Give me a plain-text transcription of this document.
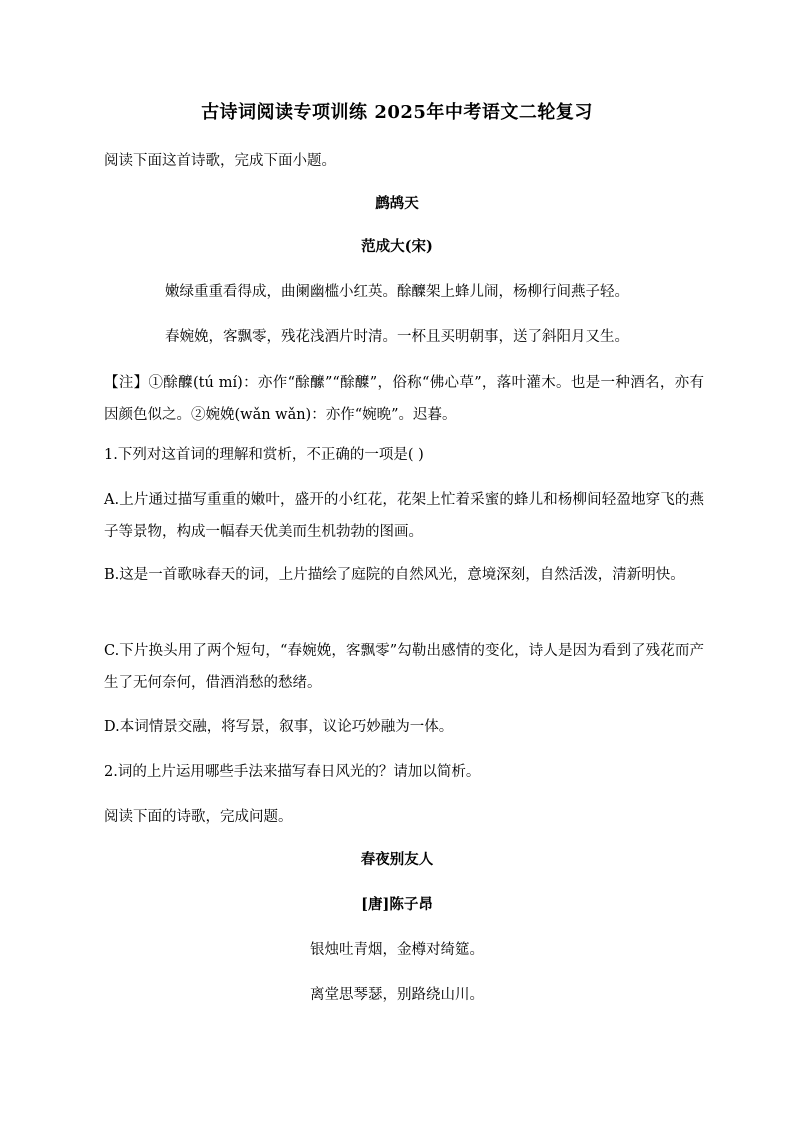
古诗词阅读专项训练 2025年中考语文二轮复习
阅读下面这首诗歌，完成下面小题。
鹧鸪天
范成大(宋)
嫩绿重重看得成，曲阑幽槛小红英。酴醾架上蜂儿闹，杨柳行间燕子轻。
春婉娩，客飘零，残花浅酒片时清。一杯且买明朝事，送了斜阳月又生。
【注】①酴醾(tú mí)：亦作“酴醿”“酴醾”，俗称“佛心草”，落叶灌木。也是一种酒名，亦有因颜色似之。②婉娩(wǎn wǎn)：亦作“婉晩”。迟暮。
1.下列对这首词的理解和赏析，不正确的一项是( )
A.上片通过描写重重的嫩叶，盛开的小红花，花架上忙着采蜜的蜂儿和杨柳间轻盈地穿飞的燕子等景物，构成一幅春天优美而生机勃勃的图画。
B.这是一首歌咏春天的词，上片描绘了庭院的自然风光，意境深刻，自然活泼，清新明快。
C.下片换头用了两个短句，“春婉娩，客飘零”勾勒出感情的变化，诗人是因为看到了残花而产生了无何奈何，借酒消愁的愁绪。
D.本词情景交融，将写景，叙事，议论巧妙融为一体。
2.词的上片运用哪些手法来描写春日风光的？请加以简析。
阅读下面的诗歌，完成问题。
春夜别友人
[唐]陈子昂
银烛吐青烟，金樽对绮筵。
离堂思琴瑟，别路绕山川。
